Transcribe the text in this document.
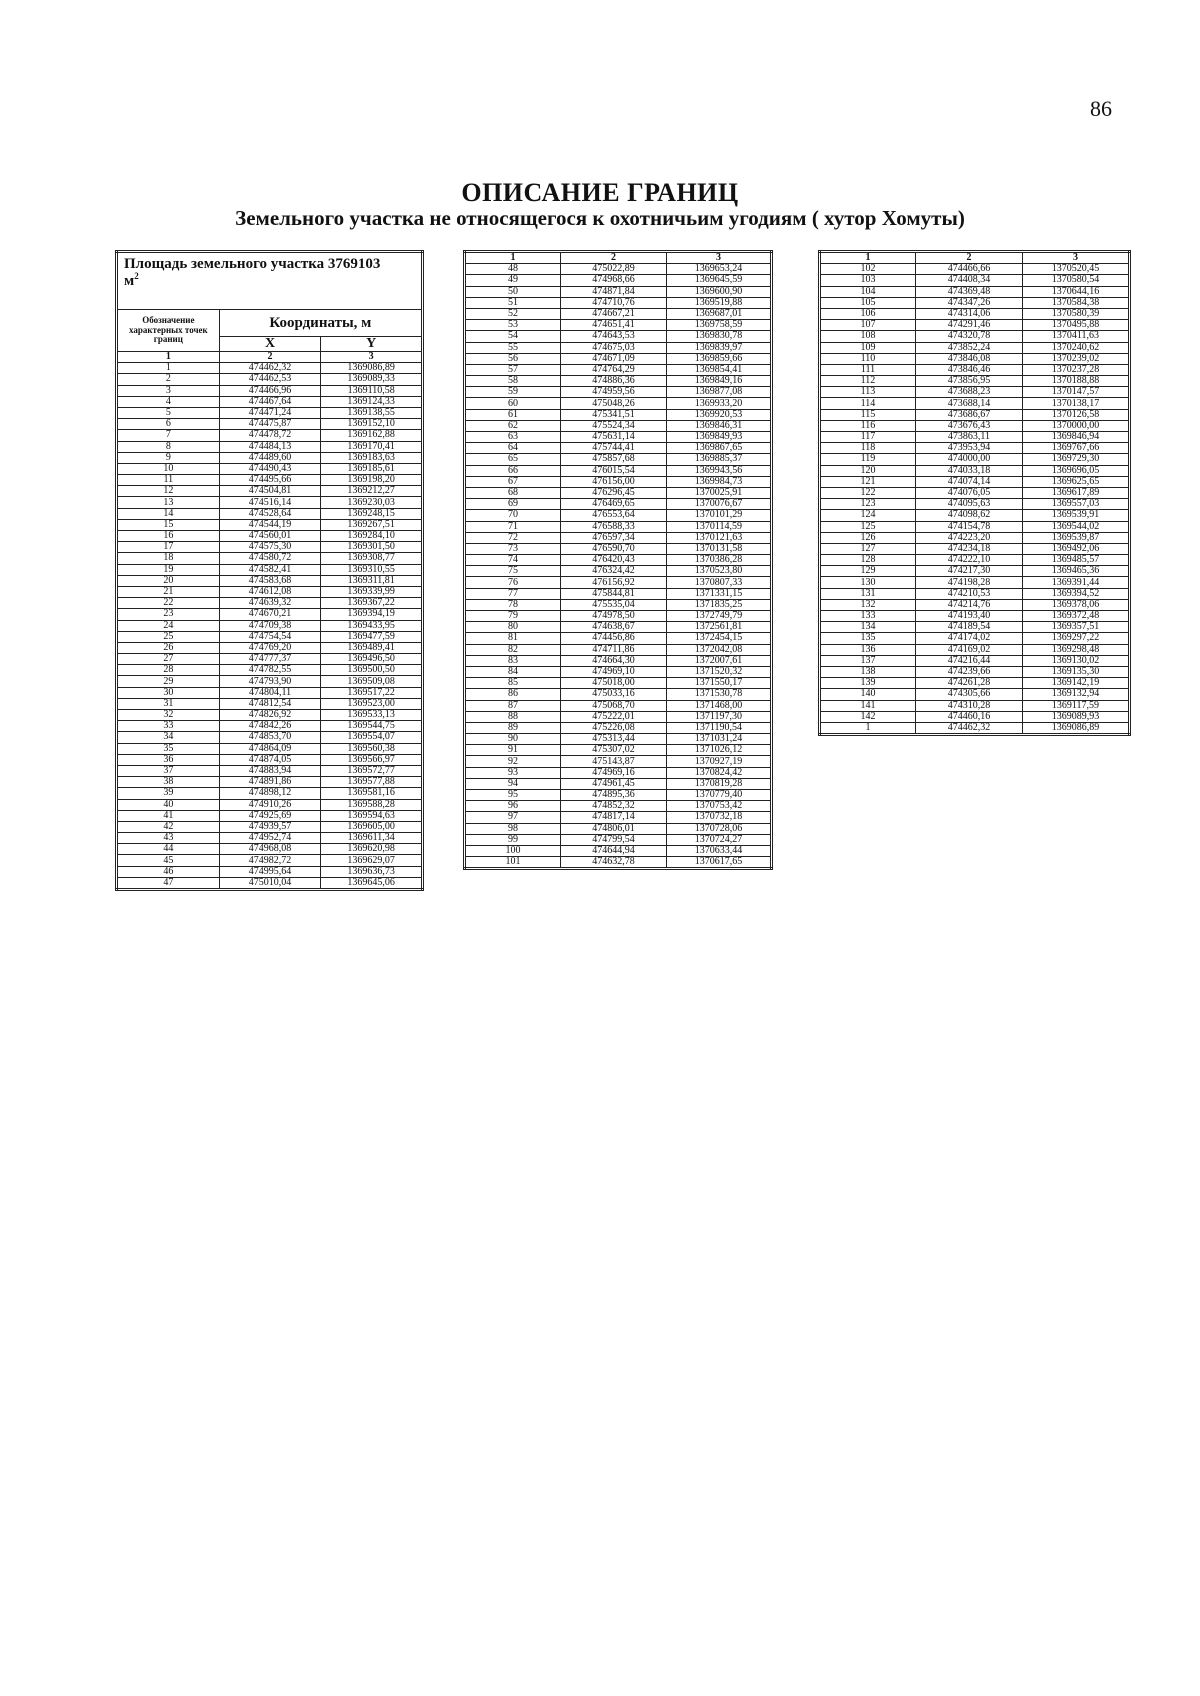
86
ОПИСАНИЕ ГРАНИЦ
Земельного участка не относящегося к охотничьим угодиям ( хутор Хомуты)
Площадь земельного участка 3769103
$м^2$
Обозначение характерных точек границ	Координаты, м	
	X	Y
1	2	3
1	474462,32	1369086,89
2	474462,53	1369089,33
3	474466,96	1369110,58
4	474467,64	1369124,33
5	474471,24	1369138,55
6	474475,87	1369152,10
7	474478,72	1369162,88
8	474484,13	1369170,41
9	474489,60	1369183,63
10	474490,43	1369185,61
11	474495,66	1369198,20
12	474504,81	1369212,27
13	474516,14	1369230,03
14	474528,64	1369248,15
15	474544,19	1369267,51
16	474560,01	1369284,10
17	474575,30	1369301,50
18	474580,72	1369308,77
19	474582,41	1369310,55
20	474583,68	1369311,81
21	474612,08	1369339,99
22	474639,32	1369367,22
23	474670,21	1369394,19
24	474709,38	1369433,95
25	474754,54	1369477,59
26	474769,20	1369489,41
27	474777,37	1369496,50
28	474782,55	1369500,50
29	474793,90	1369509,08
30	474804,11	1369517,22
31	474812,54	1369523,00
32	474826,92	1369533,13
33	474842,26	1369544,75
34	474853,70	1369554,07
35	474864,09	1369560,38
36	474874,05	1369566,97
37	474883,94	1369572,77
38	474891,86	1369577,88
39	474898,12	1369581,16
40	474910,26	1369588,28
41	474925,69	1369594,63
42	474939,57	1369605,00
43	474952,74	1369611,34
44	474968,08	1369620,98
45	474982,72	1369629,07
46	474995,64	1369636,73
47	475010,04	1369645,06
1	2	3
48	475022,89	1369653,24
49	474968,66	1369645,59
50	474871,84	1369600,90
51	474710,76	1369519,88
52	474667,21	1369687,01
53	474651,41	1369758,59
54	474643,53	1369830,78
55	474675,03	1369839,97
56	474671,09	1369859,66
57	474764,29	1369854,41
58	474886,36	1369849,16
59	474959,56	1369877,08
60	475048,26	1369933,20
61	475341,51	1369920,53
62	475524,34	1369846,31
63	475631,14	1369849,93
64	475744,41	1369867,65
65	475857,68	1369885,37
66	476015,54	1369943,56
67	476156,00	1369984,73
68	476296,45	1370025,91
69	476469,65	1370076,67
70	476553,64	1370101,29
71	476588,33	1370114,59
72	476597,34	1370121,63
73	476590,70	1370131,58
74	476420,43	1370386,28
75	476324,42	1370523,80
76	476156,92	1370807,33
77	475844,81	1371331,15
78	475535,04	1371835,25
79	474978,50	1372749,79
80	474638,67	1372561,81
81	474456,86	1372454,15
82	474711,86	1372042,08
83	474664,30	1372007,61
84	474969,10	1371520,32
85	475018,00	1371550,17
86	475033,16	1371530,78
87	475068,70	1371468,00
88	475222,01	1371197,30
89	475226,08	1371190,54
90	475313,44	1371031,24
91	475307,02	1371026,12
92	475143,87	1370927,19
93	474969,16	1370824,42
94	474961,45	1370819,28
95	474895,36	1370779,40
96	474852,32	1370753,42
97	474817,14	1370732,18
98	474806,01	1370728,06
99	474799,54	1370724,27
100	474644,94	1370633,44
101	474632,78	1370617,65
1	2	3
102	474466,66	1370520,45
103	474408,34	1370580,54
104	474369,48	1370644,16
105	474347,26	1370584,38
106	474314,06	1370580,39
107	474291,46	1370495,88
108	474320,78	1370411,63
109	473852,24	1370240,62
110	473846,08	1370239,02
111	473846,46	1370237,28
112	473856,95	1370188,88
113	473688,23	1370147,57
114	473688,14	1370138,17
115	473686,67	1370126,58
116	473676,43	1370000,00
117	473863,11	1369846,94
118	473953,94	1369767,66
119	474000,00	1369729,30
120	474033,18	1369696,05
121	474074,14	1369625,65
122	474076,05	1369617,89
123	474095,63	1369557,03
124	474098,62	1369539,91
125	474154,78	1369544,02
126	474223,20	1369539,87
127	474234,18	1369492,06
128	474222,10	1369485,57
129	474217,30	1369465,36
130	474198,28	1369391,44
131	474210,53	1369394,52
132	474214,76	1369378,06
133	474193,40	1369372,48
134	474189,54	1369357,51
135	474174,02	1369297,22
136	474169,02	1369298,48
137	474216,44	1369130,02
138	474239,66	1369135,30
139	474261,28	1369142,19
140	474305,66	1369132,94
141	474310,28	1369117,59
142	474460,16	1369089,93
1	474462,32	1369086,89
